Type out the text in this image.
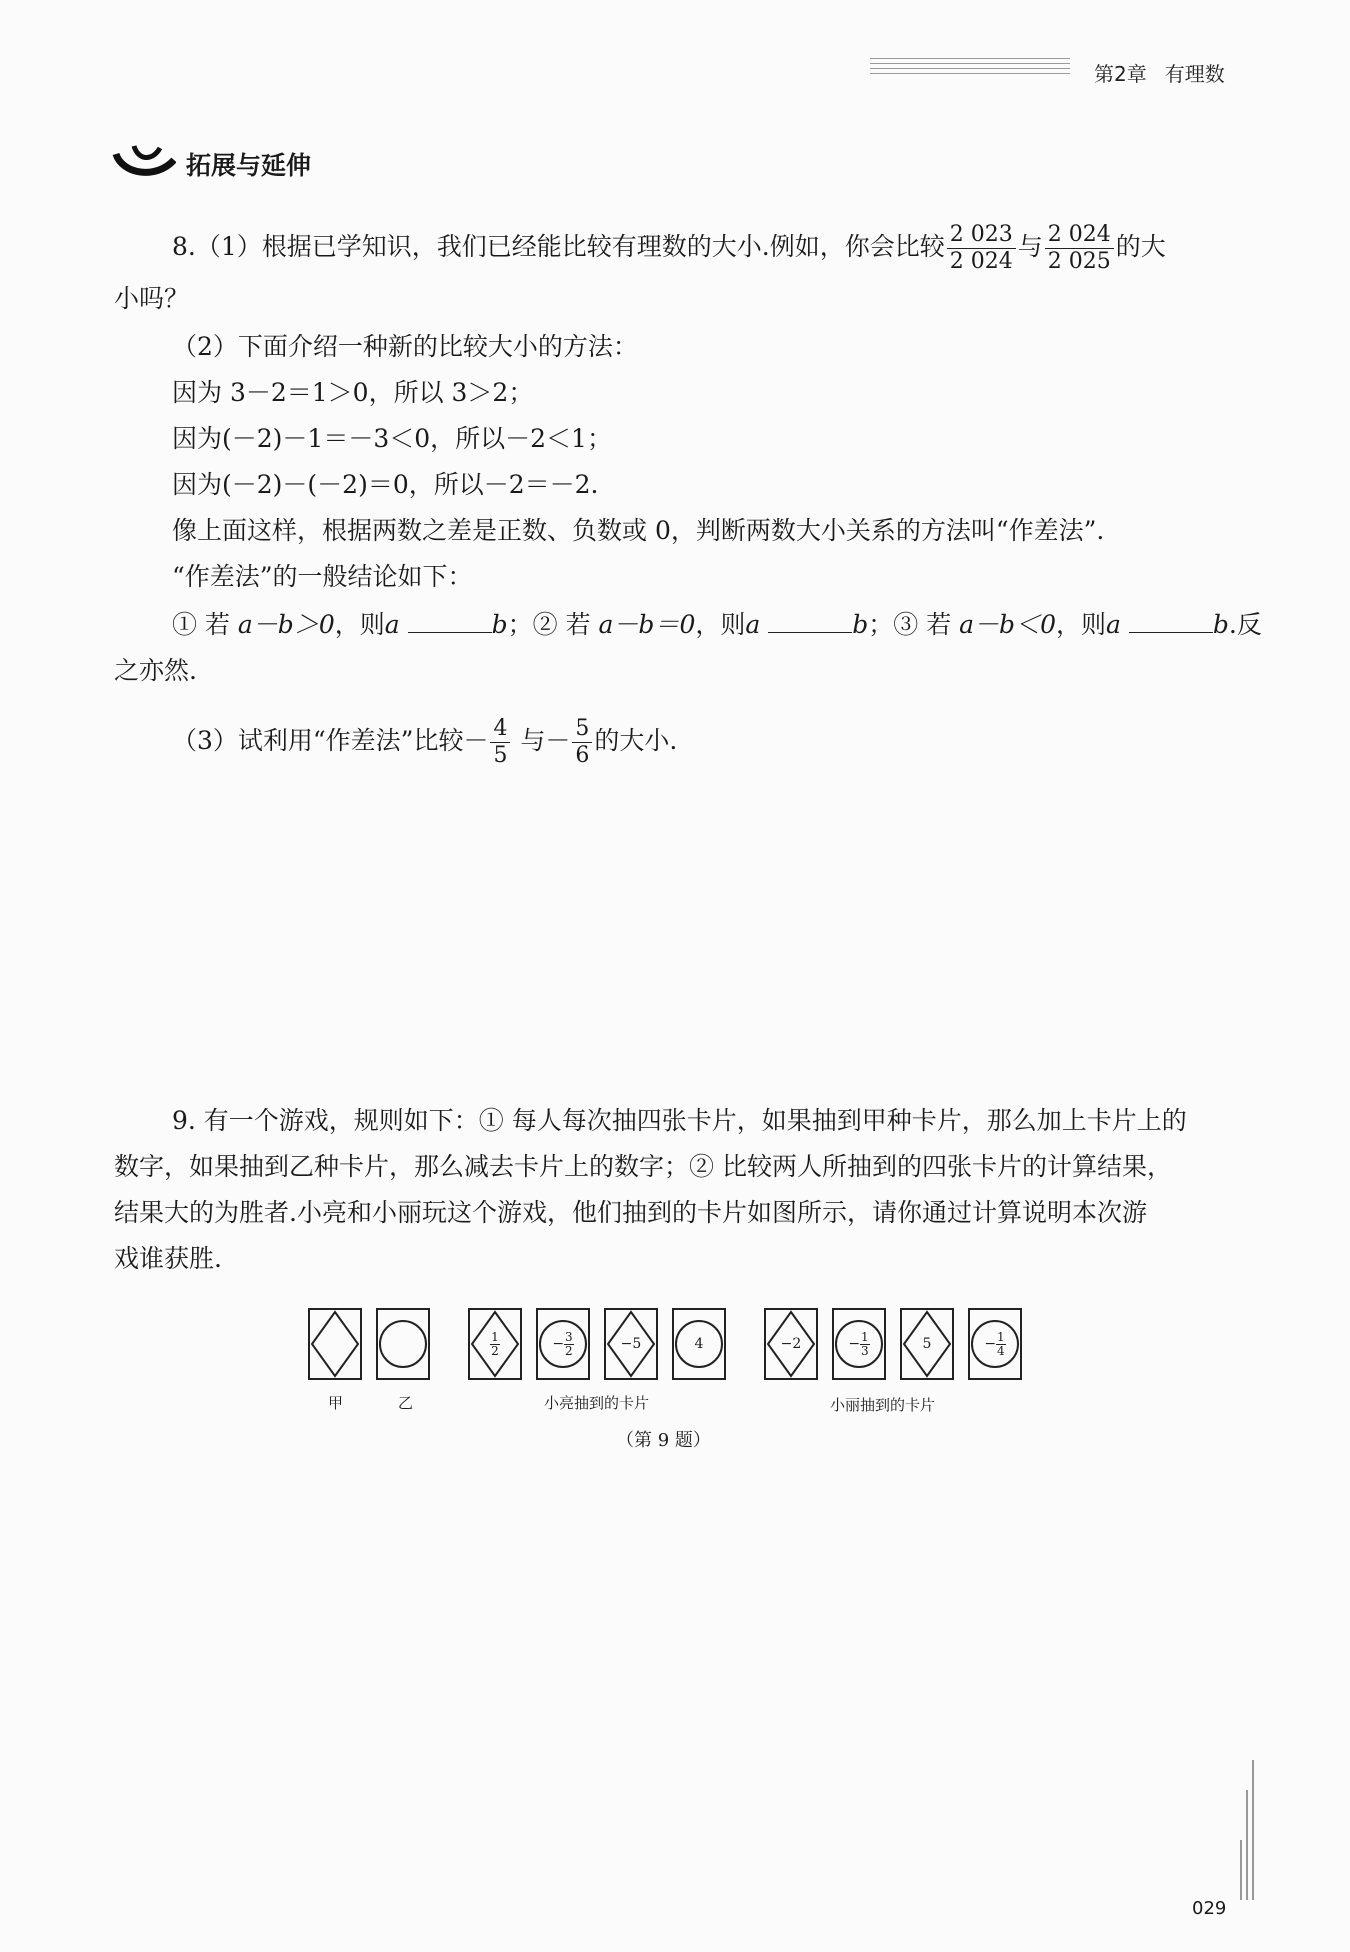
第2章 有理数
拓展与延伸
8.（1）根据已学知识，我们已经能比较有理数的大小.例如，你会比较 $\frac{2 023}{2 024}$ 与 $\frac{2 024}{2 025}$ 的大
小吗？
（2）下面介绍一种新的比较大小的方法：
因为 3－2＝1＞0，所以 3＞2；
因为(－2)－1＝－3＜0，所以－2＜1；
因为(－2)－(－2)＝0，所以－2＝－2.
像上面这样，根据两数之差是正数、负数或 0，判断两数大小关系的方法叫“作差法”.
“作差法”的一般结论如下：
① 若 a－b＞0，则a	b；② 若 a－b＝0，则a	b；③ 若 a－b＜0，则a	b.反
之亦然.
（3）试利用“作差法”比较－ $\frac{4}{5}$ 与－ $\frac{5}{6}$ 的大小.
9. 有一个游戏，规则如下：① 每人每次抽四张卡片，如果抽到甲种卡片，那么加上卡片上的
数字，如果抽到乙种卡片，那么减去卡片上的数字；② 比较两人所抽到的四张卡片的计算结果，
结果大的为胜者.小亮和小丽玩这个游戏，他们抽到的卡片如图所示，请你通过计算说明本次游
戏谁获胜.
$\frac{1}{2}$	− $\frac{3}{2}$	−5	4	−2	− $\frac{1}{3}$	5	− $\frac{1}{4}$
甲	乙	小亮抽到的卡片	小丽抽到的卡片
（第 9 题）
029
